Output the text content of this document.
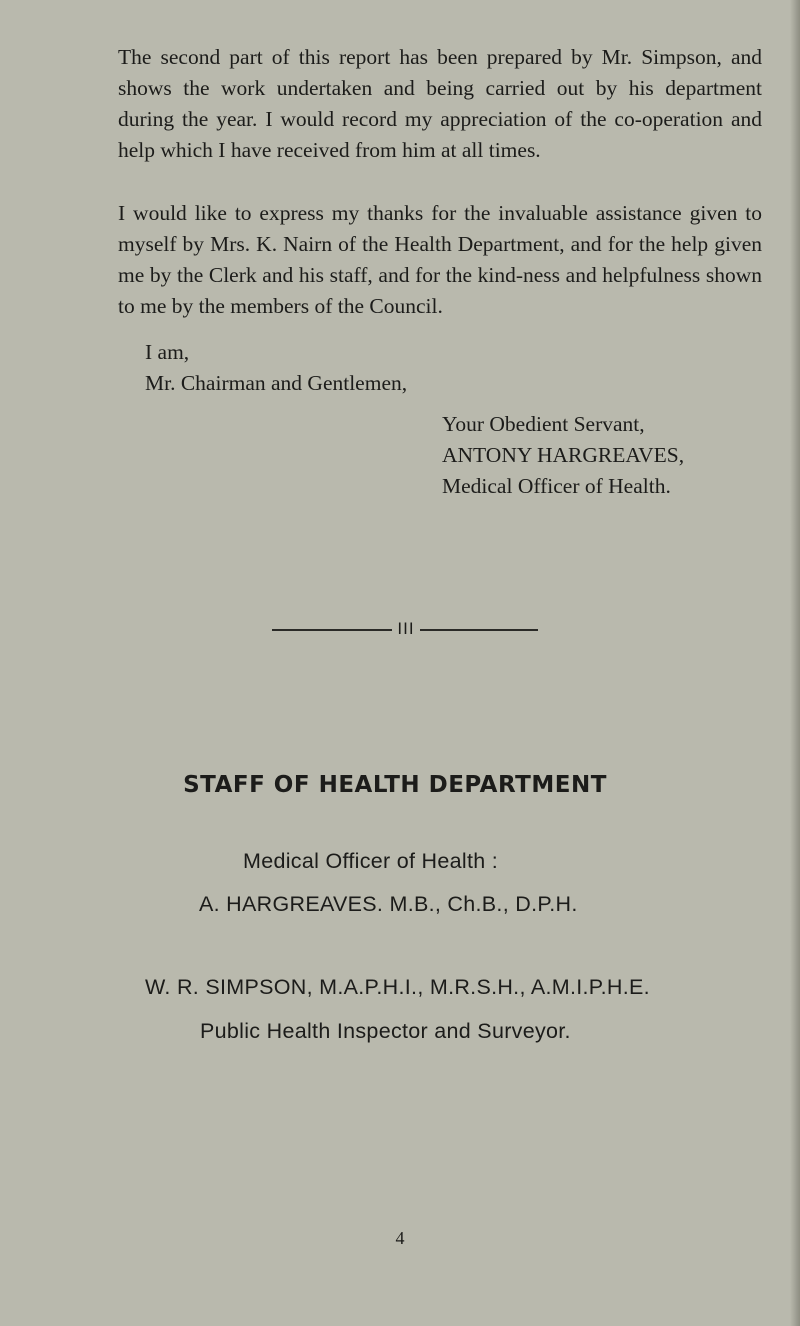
The second part of this report has been prepared by Mr. Simpson, and shows the work undertaken and being carried out by his department during the year. I would record my appreciation of the co-operation and help which I have received from him at all times.

I would like to express my thanks for the invaluable assistance given to myself by Mrs. K. Nairn of the Health Department, and for the help given me by the Clerk and his staff, and for the kind-ness and helpfulness shown to me by the members of the Council.

I am,
Mr. Chairman and Gentlemen,
Your Obedient Servant,
ANTONY HARGREAVES,
Medical Officer of Health.
III
STAFF OF HEALTH DEPARTMENT

Medical Officer of Health :

A. HARGREAVES. M.B., Ch.B., D.P.H.

W. R. SIMPSON, M.A.P.H.I., M.R.S.H., A.M.I.P.H.E.

Public Health Inspector and Surveyor.

4
